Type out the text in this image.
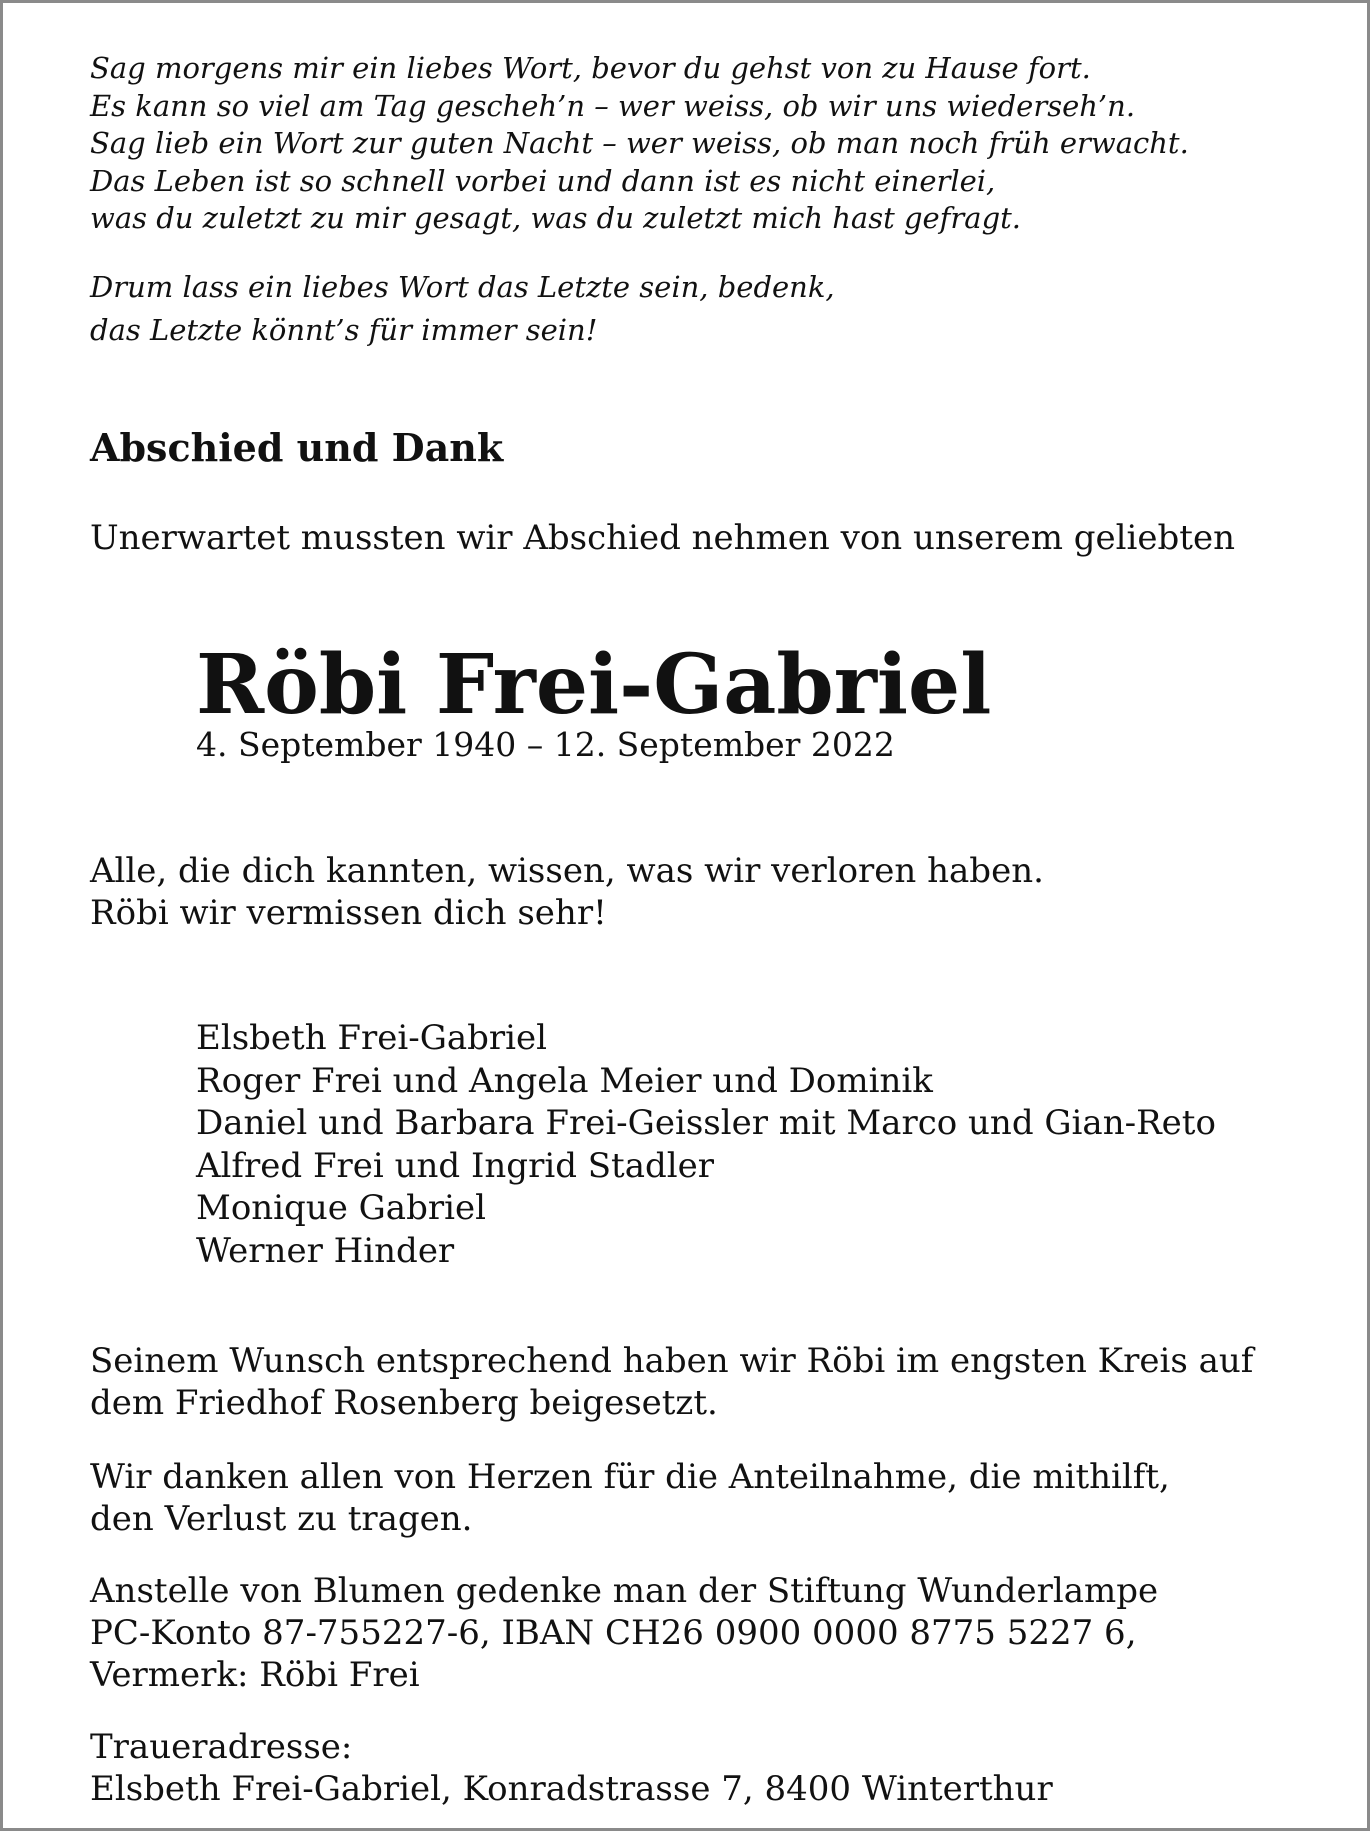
Sag morgens mir ein liebes Wort, bevor du gehst von zu Hause fort.
Es kann so viel am Tag gescheh’n – wer weiss, ob wir uns wiederseh’n.
Sag lieb ein Wort zur guten Nacht – wer weiss, ob man noch früh erwacht.
Das Leben ist so schnell vorbei und dann ist es nicht einerlei,
was du zuletzt zu mir gesagt, was du zuletzt mich hast gefragt.

Drum lass ein liebes Wort das Letzte sein, bedenk,
das Letzte könnt’s für immer sein!

Abschied und Dank

Unerwartet mussten wir Abschied nehmen von unserem geliebten

Röbi Frei-Gabriel

4. September 1940 – 12. September 2022

Alle, die dich kannten, wissen, was wir verloren haben.
Röbi wir vermissen dich sehr!

Elsbeth Frei-Gabriel
Roger Frei und Angela Meier und Dominik
Daniel und Barbara Frei-Geissler mit Marco und Gian-Reto
Alfred Frei und Ingrid Stadler
Monique Gabriel
Werner Hinder

Seinem Wunsch entsprechend haben wir Röbi im engsten Kreis auf
dem Friedhof Rosenberg beigesetzt.

Wir danken allen von Herzen für die Anteilnahme, die mithilft,
den Verlust zu tragen.

Anstelle von Blumen gedenke man der Stiftung Wunderlampe
PC-Konto 87-755227-6, IBAN CH26 0900 0000 8775 5227 6,
Vermerk: Röbi Frei

Traueradresse:
Elsbeth Frei-Gabriel, Konradstrasse 7, 8400 Winterthur
